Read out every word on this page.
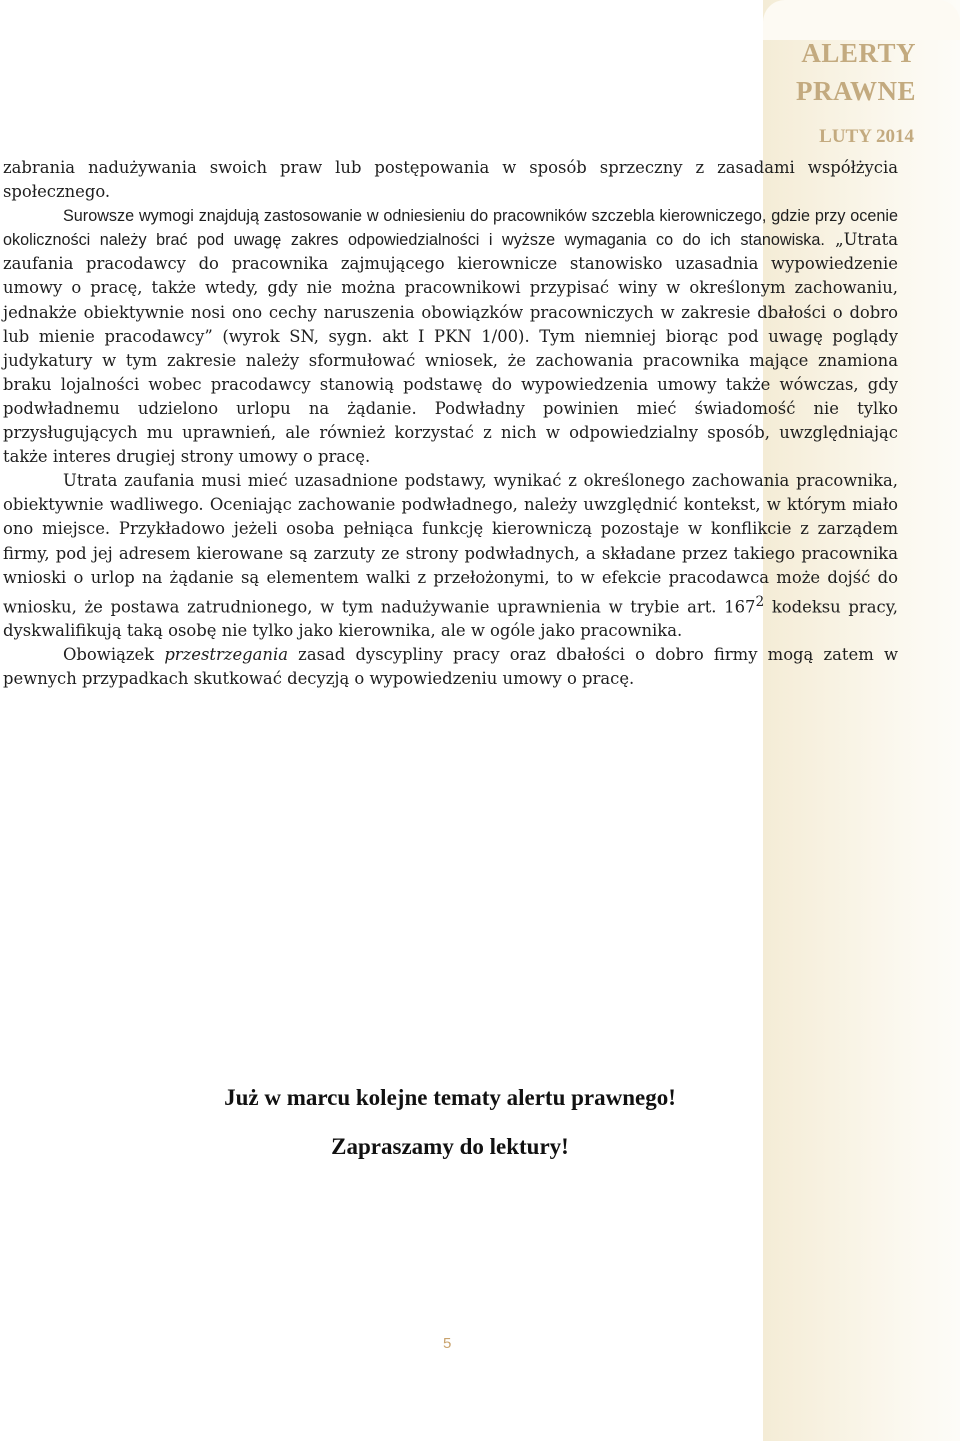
ALERTY
PRAWNE
LUTY 2014

zabrania nadużywania swoich praw lub postępowania w sposób sprzeczny z zasadami współżycia społecznego.

Surowsze wymogi znajdują zastosowanie w odniesieniu do pracowników szczebla kierowniczego, gdzie przy ocenie okoliczności należy brać pod uwagę zakres odpowiedzialności i wyższe wymagania co do ich stanowiska. „Utrata zaufania pracodawcy do pracownika zajmującego kierownicze stanowisko uzasadnia wypowiedzenie umowy o pracę, także wtedy, gdy nie można pracownikowi przypisać winy w określonym zachowaniu, jednakże obiektywnie nosi ono cechy naruszenia obowiązków pracowniczych w zakresie dbałości o dobro lub mienie pracodawcy” (wyrok SN, sygn. akt I PKN 1/00). Tym niemniej biorąc pod uwagę poglądy judykatury w tym zakresie należy sformułować wniosek, że zachowania pracownika mające znamiona braku lojalności wobec pracodawcy stanowią podstawę do wypowiedzenia umowy także wówczas, gdy podwładnemu udzielono urlopu na żądanie. Podwładny powinien mieć świadomość nie tylko przysługujących mu uprawnień, ale również korzystać z nich w odpowiedzialny sposób, uwzględniając także interes drugiej strony umowy o pracę.

Utrata zaufania musi mieć uzasadnione podstawy, wynikać z określonego zachowania pracownika, obiektywnie wadliwego. Oceniając zachowanie podwładnego, należy uwzględnić kontekst, w którym miało ono miejsce. Przykładowo jeżeli osoba pełniąca funkcję kierowniczą pozostaje w konflikcie z zarządem firmy, pod jej adresem kierowane są zarzuty ze strony podwładnych, a składane przez takiego pracownika wnioski o urlop na żądanie są elementem walki z przełożonymi, to w efekcie pracodawca może dojść do wniosku, że postawa zatrudnionego, w tym nadużywanie uprawnienia w trybie art. $167^2$ kodeksu pracy, dyskwalifikują taką osobę nie tylko jako kierownika, ale w ogóle jako pracownika.

Obowiązek przestrzegania zasad dyscypliny pracy oraz dbałości o dobro firmy mogą zatem w pewnych przypadkach skutkować decyzją o wypowiedzeniu umowy o pracę.

Już w marcu kolejne tematy alertu prawnego!
Zapraszamy do lektury!
5
